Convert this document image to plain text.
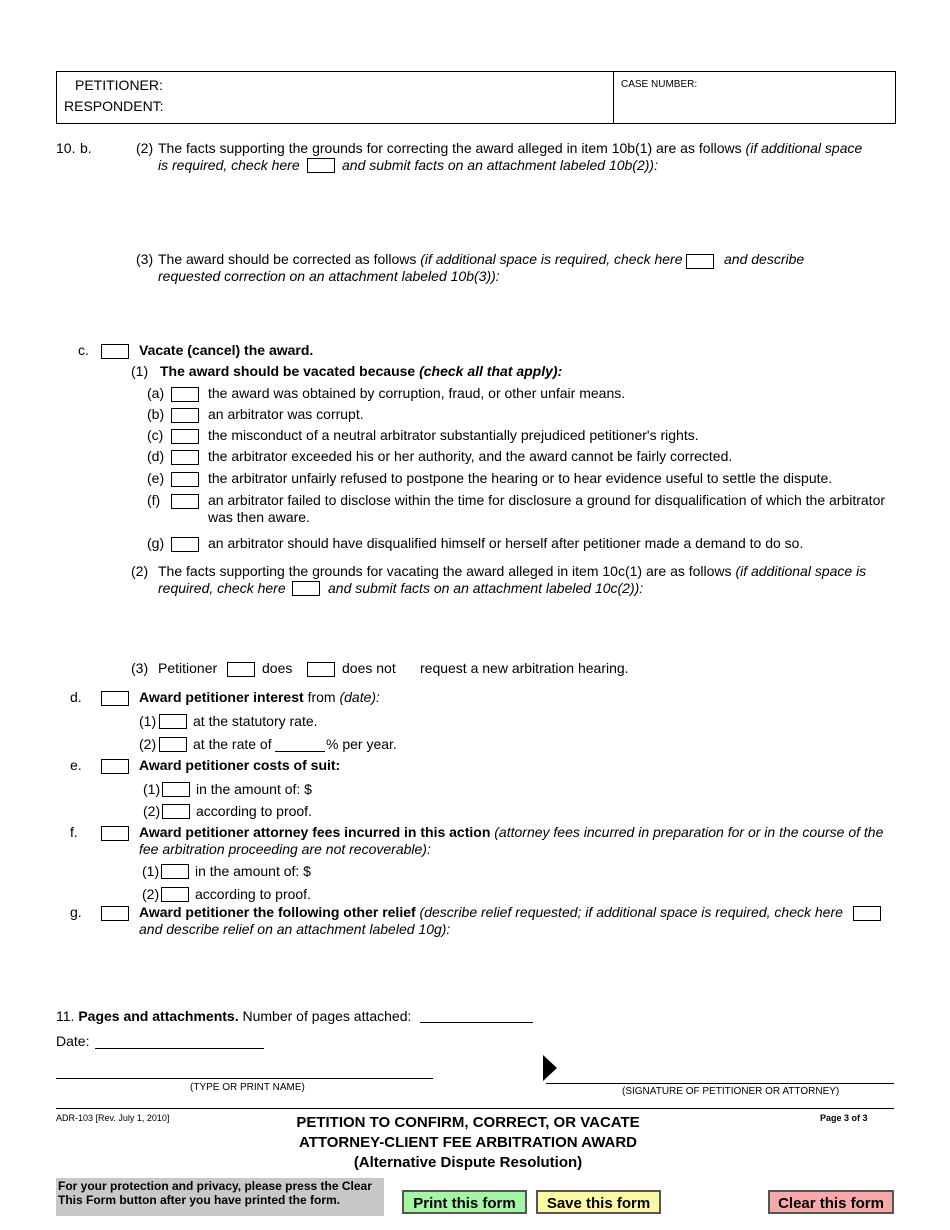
PETITIONER:
RESPONDENT:
CASE NUMBER:
10. b.	(2) The facts supporting the grounds for correcting the award alleged in item 10b(1) are as follows (if additional space
is required, check here	and submit facts on an attachment labeled 10b(2)):
(3) The award should be corrected as follows (if additional space is required, check here	and describe
requested correction on an attachment labeled 10b(3)):
c.	Vacate (cancel) the award.
(1) The award should be vacated because (check all that apply):
(a)	the award was obtained by corruption, fraud, or other unfair means.
(b)	an arbitrator was corrupt.
(c)	the misconduct of a neutral arbitrator substantially prejudiced petitioner's rights.
(d)	the arbitrator exceeded his or her authority, and the award cannot be fairly corrected.
(e)	the arbitrator unfairly refused to postpone the hearing or to hear evidence useful to settle the dispute.
(f)	an arbitrator failed to disclose within the time for disclosure a ground for disqualification of which the arbitrator was then aware.
(g)	an arbitrator should have disqualified himself or herself after petitioner made a demand to do so.
(2) The facts supporting the grounds for vacating the award alleged in item 10c(1) are as follows (if additional space is
required, check here	and submit facts on an attachment labeled 10c(2)):
(3) Petitioner	does	does not request a new arbitration hearing.
d.	Award petitioner interest from (date):
(1)	at the statutory rate.
(2)	at the rate of	% per year.
e.	Award petitioner costs of suit:
(1)	in the amount of: $
(2)	according to proof.
f.	Award petitioner attorney fees incurred in this action (attorney fees incurred in preparation for or in the course of the fee arbitration proceeding are not recoverable):
(1)	in the amount of: $
(2)	according to proof.
g.	Award petitioner the following other relief (describe relief requested; if additional space is required, check here
and describe relief on an attachment labeled 10g):
11. Pages and attachments. Number of pages attached:
Date:
(TYPE OR PRINT NAME)	(SIGNATURE OF PETITIONER OR ATTORNEY)
ADR-103 [Rev. July 1, 2010]	PETITION TO CONFIRM, CORRECT, OR VACATE
ATTORNEY-CLIENT FEE ARBITRATION AWARD
(Alternative Dispute Resolution)
Page 3 of 3
For your protection and privacy, please press the Clear
This Form button after you have printed the form.	Print this form	Save this form	Clear this form
